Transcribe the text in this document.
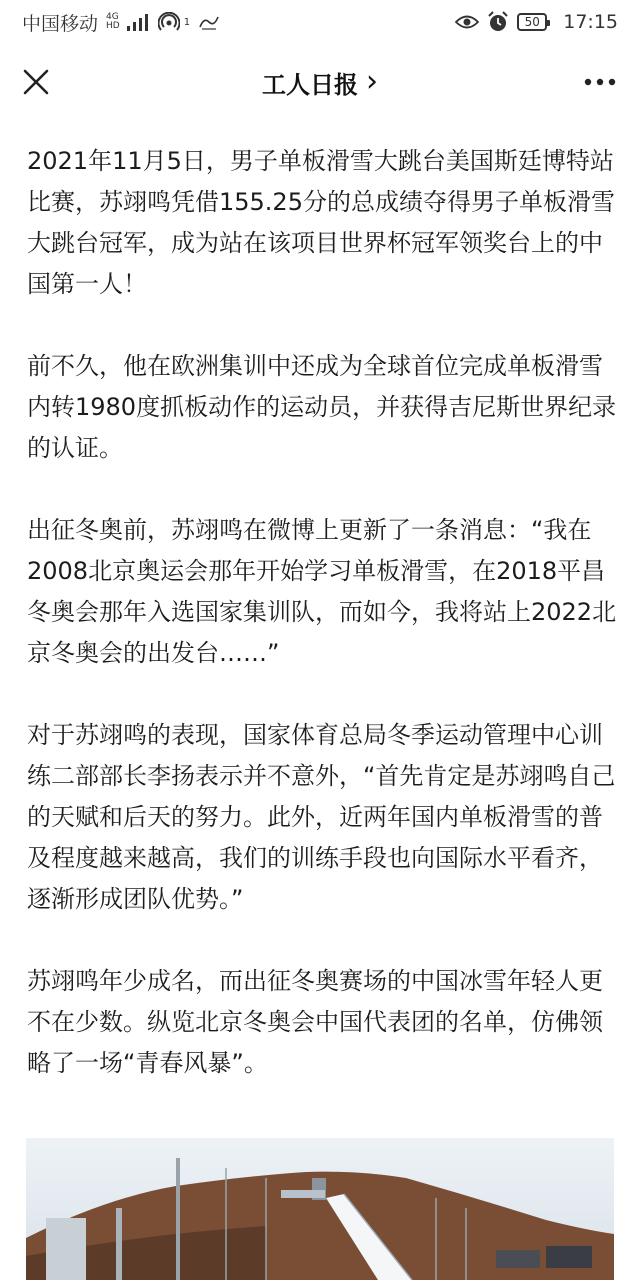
中国移动 4G
HD	1	50 17:15
工人日报 ›

2021年11月5日，男子单板滑雪大跳台美国斯廷博特站比赛，苏翊鸣凭借155.25分的总成绩夺得男子单板滑雪大跳台冠军，成为站在该项目世界杯冠军领奖台上的中国第一人！

前不久，他在欧洲集训中还成为全球首位完成单板滑雪内转1980度抓板动作的运动员，并获得吉尼斯世界纪录的认证。

出征冬奥前，苏翊鸣在微博上更新了一条消息：“我在2008北京奥运会那年开始学习单板滑雪，在2018平昌冬奥会那年入选国家集训队，而如今，我将站上2022北京冬奥会的出发台……”

对于苏翊鸣的表现，国家体育总局冬季运动管理中心训练二部部长李扬表示并不意外，“首先肯定是苏翊鸣自己的天赋和后天的努力。此外，近两年国内单板滑雪的普及程度越来越高，我们的训练手段也向国际水平看齐，逐渐形成团队优势。”

苏翊鸣年少成名，而出征冬奥赛场的中国冰雪年轻人更不在少数。纵览北京冬奥会中国代表团的名单，仿佛领略了一场“青春风暴”。
